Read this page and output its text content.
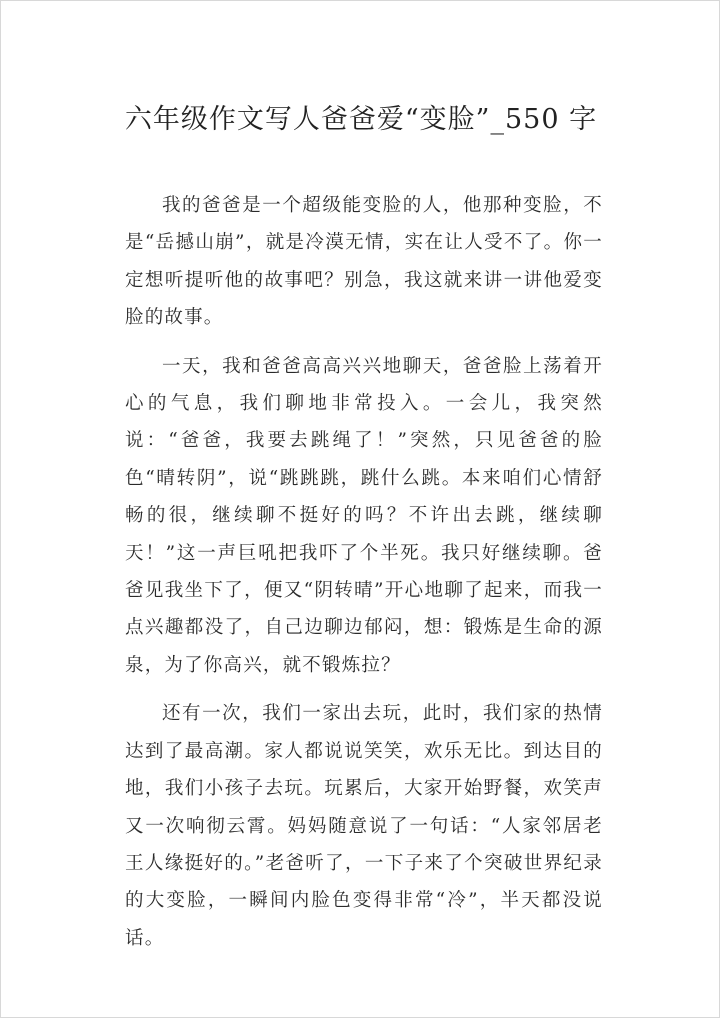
六年级作文写人爸爸爱“变脸”_550 字

我的爸爸是一个超级能变脸的人，他那种变脸，不是“岳撼山崩”，就是冷漠无情，实在让人受不了。你一定想听提听他的故事吧？别急，我这就来讲一讲他爱变脸的故事。

一天，我和爸爸高高兴兴地聊天，爸爸脸上荡着开心的气息，我们聊地非常投入。一会儿，我突然说：“爸爸，我要去跳绳了！”突然，只见爸爸的脸色“晴转阴”，说“跳跳跳，跳什么跳。本来咱们心情舒畅的很，继续聊不挺好的吗？不许出去跳，继续聊天！”这一声巨吼把我吓了个半死。我只好继续聊。爸爸见我坐下了，便又“阴转晴”开心地聊了起来，而我一点兴趣都没了，自己边聊边郁闷，想：锻炼是生命的源泉，为了你高兴，就不锻炼拉？

还有一次，我们一家出去玩，此时，我们家的热情达到了最高潮。家人都说说笑笑，欢乐无比。到达目的地，我们小孩子去玩。玩累后，大家开始野餐，欢笑声又一次响彻云霄。妈妈随意说了一句话：“人家邻居老王人缘挺好的。”老爸听了，一下子来了个突破世界纪录的大变脸，一瞬间内脸色变得非常“冷”，半天都没说话。
